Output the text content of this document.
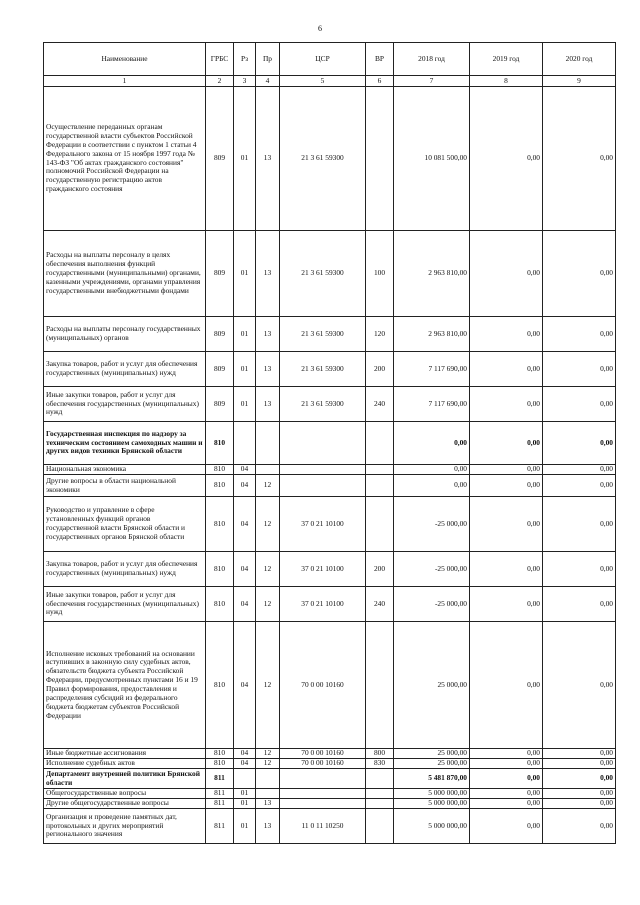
6
Наименование	ГРБС	Рз	Пр	ЦСР	ВР	2018 год	2019 год	2020 год
1	2	3	4	5	6	7	8	9
Осуществление переданных органам государственной власти субъектов Российской Федерации в соответствии с пунктом 1 статьи 4 Федерального закона от 15 ноября 1997 года № 143-ФЗ "Об актах гражданского состояния" полномочий Российской Федерации на государственную регистрацию актов гражданского состояния	809	01	13	21 3 61 59300		10 081 500,00	0,00	0,00
Расходы на выплаты персоналу в целях обеспечения выполнения функций государственными (муниципальными) органами, казенными учреждениями, органами управления государственными внебюджетными фондами	809	01	13	21 3 61 59300	100	2 963 810,00	0,00	0,00
Расходы на выплаты персоналу государственных (муниципальных) органов	809	01	13	21 3 61 59300	120	2 963 810,00	0,00	0,00
Закупка товаров, работ и услуг для обеспечения государственных (муниципальных) нужд	809	01	13	21 3 61 59300	200	7 117 690,00	0,00	0,00
Иные закупки товаров, работ и услуг для обеспечения государственных (муниципальных) нужд	809	01	13	21 3 61 59300	240	7 117 690,00	0,00	0,00
Государственная инспекция по надзору за техническим состоянием самоходных машин и других видов техники Брянской области	810					0,00	0,00	0,00
Национальная экономика	810	04				0,00	0,00	0,00
Другие вопросы в области национальной экономики	810	04	12			0,00	0,00	0,00
Руководство и управление в сфере установленных функций органов государственной власти Брянской области и государственных органов Брянской области	810	04	12	37 0 21 10100		-25 000,00	0,00	0,00
Закупка товаров, работ и услуг для обеспечения государственных (муниципальных) нужд	810	04	12	37 0 21 10100	200	-25 000,00	0,00	0,00
Иные закупки товаров, работ и услуг для обеспечения государственных (муниципальных) нужд	810	04	12	37 0 21 10100	240	-25 000,00	0,00	0,00
Исполнение исковых требований на основании вступивших в законную силу судебных актов, обязательств бюджета субъекта Российской Федерации, предусмотренных пунктами 16 и 19 Правил формирования, предоставления и распределения субсидий из федерального бюджета бюджетам субъектов Российской Федерации	810	04	12	70 0 00 10160		25 000,00	0,00	0,00
Иные бюджетные ассигнования	810	04	12	70 0 00 10160	800	25 000,00	0,00	0,00
Исполнение судебных актов	810	04	12	70 0 00 10160	830	25 000,00	0,00	0,00
Департамент внутренней политики Брянской области	811					5 481 870,00	0,00	0,00
Общегосударственные вопросы	811	01				5 000 000,00	0,00	0,00
Другие общегосударственные вопросы	811	01	13			5 000 000,00	0,00	0,00
Организация и проведение памятных дат, протокольных и других мероприятий регионального значения	811	01	13	11 0 11 10250		5 000 000,00	0,00	0,00
